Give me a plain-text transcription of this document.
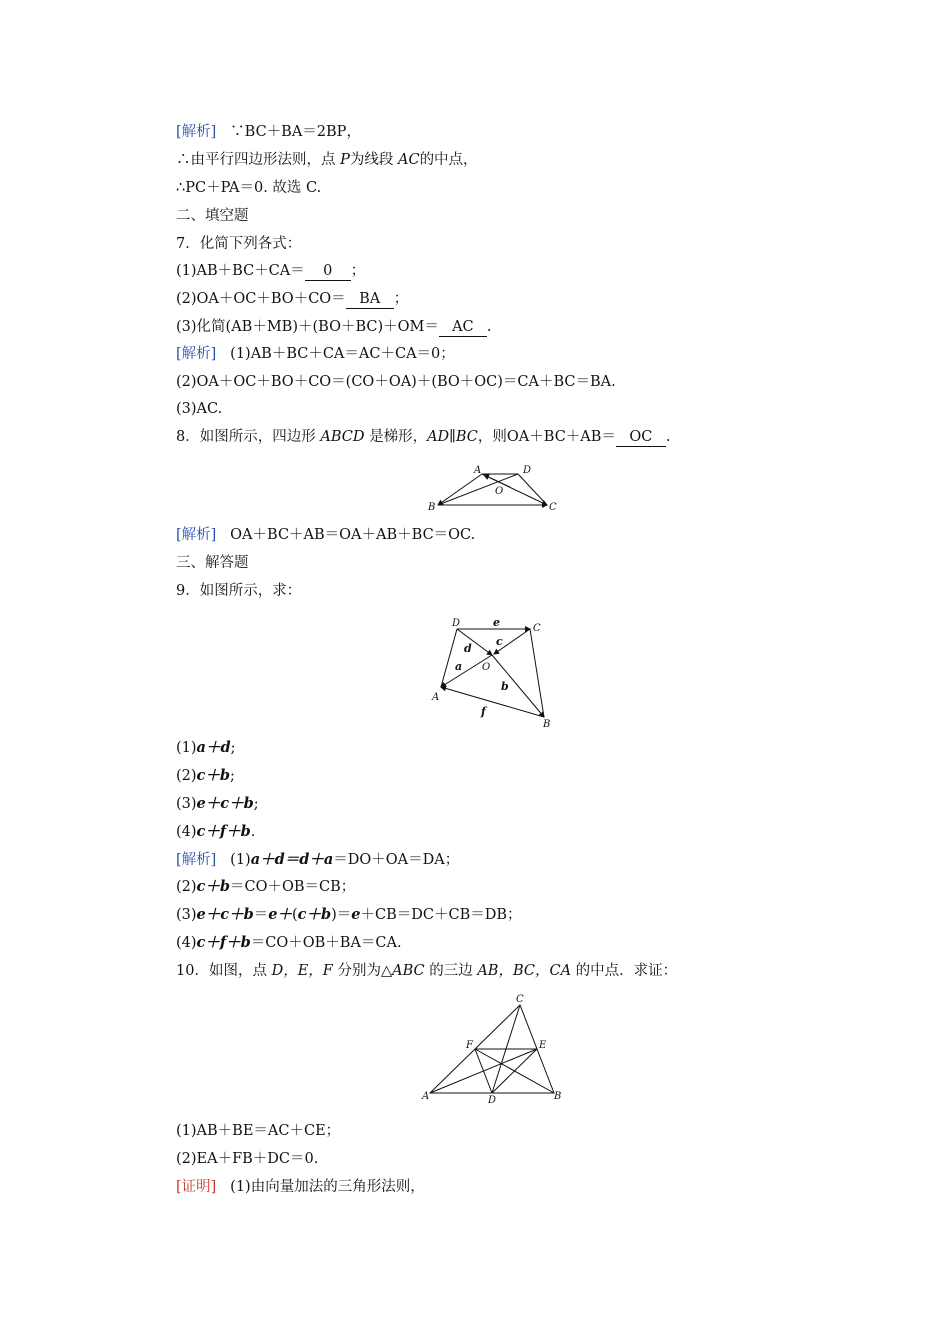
[解析] ∵BC＋BA＝2BP，
∴由平行四边形法则，点 P为线段 AC的中点，
∴PC＋PA＝0. 故选 C.
二、填空题
7．化简下列各式：
(1)AB＋BC＋CA＝ 0 ；
(2)OA＋OC＋BO＋CO＝ BA ；
(3)化简(AB＋MB)＋(BO＋BC)＋OM＝ AC .
[解析] (1)AB＋BC＋CA＝AC＋CA＝0；
(2)OA＋OC＋BO＋CO＝(CO＋OA)＋(BO＋OC)＝CA＋BC＝BA.
(3)AC.
8．如图所示，四边形 ABCD 是梯形，AD∥BC，则OA＋BC＋AB＝ OC .
A	D
B	C
O
[解析] OA＋BC＋AB＝OA＋AB＋BC＝OC.
三、解答题
9．如图所示，求：
D	C
A
B
O
e
c
d
a
b
f
(1)a＋d;
(2)c＋b;
(3)e＋c＋b;
(4)c＋f＋b.
[解析] (1)a＋d＝d＋a＝DO＋OA＝DA；
(2)c＋b＝CO＋OB＝CB；
(3)e＋c＋b＝e＋(c＋b)＝e＋CB＝DC＋CB＝DB；
(4)c＋f＋b＝CO＋OB＋BA＝CA.
10．如图，点 D，E，F 分别为△ABC 的三边 AB，BC，CA 的中点．求证：
C
F	E
A	D	B
(1)AB＋BE＝AC＋CE；
(2)EA＋FB＋DC＝0.
[证明] (1)由向量加法的三角形法则，
